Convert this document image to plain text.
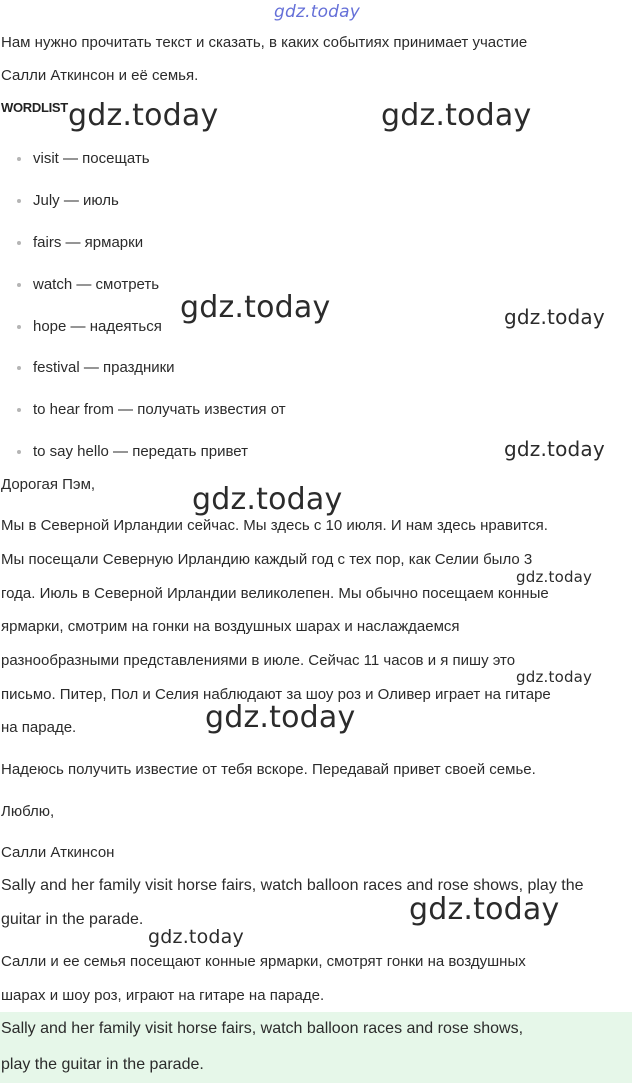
gdz.today
Нам нужно прочитать текст и сказать, в каких событиях принимает участие
Салли Аткинсон и её семья.
WORDLIST gdz.today	gdz.today
visit — посещать
July — июль
fairs — ярмарки
watch — смотреть
hope — надеяться
festival — праздники
to hear from — получать известия от
to say hello — передать привет
gdz.today	gdz.today
gdz.today
Дорогая Пэм,	gdz.today
Мы в Северной Ирландии сейчас. Мы здесь с 10 июля. И нам здесь нравится.
Мы посещали Северную Ирландию каждый год с тех пор, как Селии было 3
gdz.today
года. Июль в Северной Ирландии великолепен. Мы обычно посещаем конные
ярмарки, смотрим на гонки на воздушных шарах и наслаждаемся
разнообразными представлениями в июле. Сейчас 11 часов и я пишу это
gdz.today
письмо. Питер, Пол и Селия наблюдают за шоу роз и Оливер играет на гитаре
на параде.	gdz.today
Надеюсь получить известие от тебя вскоре. Передавай привет своей семье.
Люблю,
Салли Аткинсон
Sally and her family visit horse fairs, watch balloon races and rose shows, play the
guitar in the parade.	gdz.today
gdz.today
Салли и ее семья посещают конные ярмарки, смотрят гонки на воздушных
шарах и шоу роз, играют на гитаре на параде.
Sally and her family visit horse fairs, watch balloon races and rose shows,
play the guitar in the parade.
